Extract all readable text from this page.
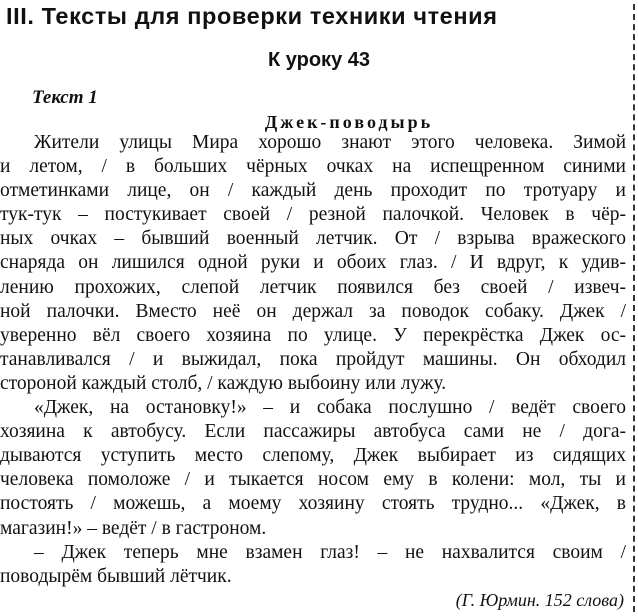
III. Тексты для проверки техники чтения
К уроку 43
Текст 1
Джек-поводырь
Жители улицы Мира хорошо знают этого человека. Зимой
и летом, / в больших чёрных очках на испещренном синими
отметинками лице, он / каждый день проходит по тротуару и
тук-тук – постукивает своей / резной палочкой. Человек в чёр-
ных очках – бывший военный летчик. От / взрыва вражеского
снаряда он лишился одной руки и обоих глаз. / И вдруг, к удив-
лению прохожих, слепой летчик появился без своей / извеч-
ной палочки. Вместо неё он держал за поводок собаку. Джек /
уверенно вёл своего хозяина по улице. У перекрёстка Джек ос-
танавливался / и выжидал, пока пройдут машины. Он обходил
стороной каждый столб, / каждую выбоину или лужу.
«Джек, на остановку!» – и собака послушно / ведёт своего
хозяина к автобусу. Если пассажиры автобуса сами не / дога-
дываются уступить место слепому, Джек выбирает из сидящих
человека помоложе / и тыкается носом ему в колени: мол, ты и
постоять / можешь, а моему хозяину стоять трудно... «Джек, в
магазин!» – ведёт / в гастроном.
– Джек теперь мне взамен глаз! – не нахвалится своим /
поводырём бывший лётчик.
(Г. Юрмин. 152 слова)
